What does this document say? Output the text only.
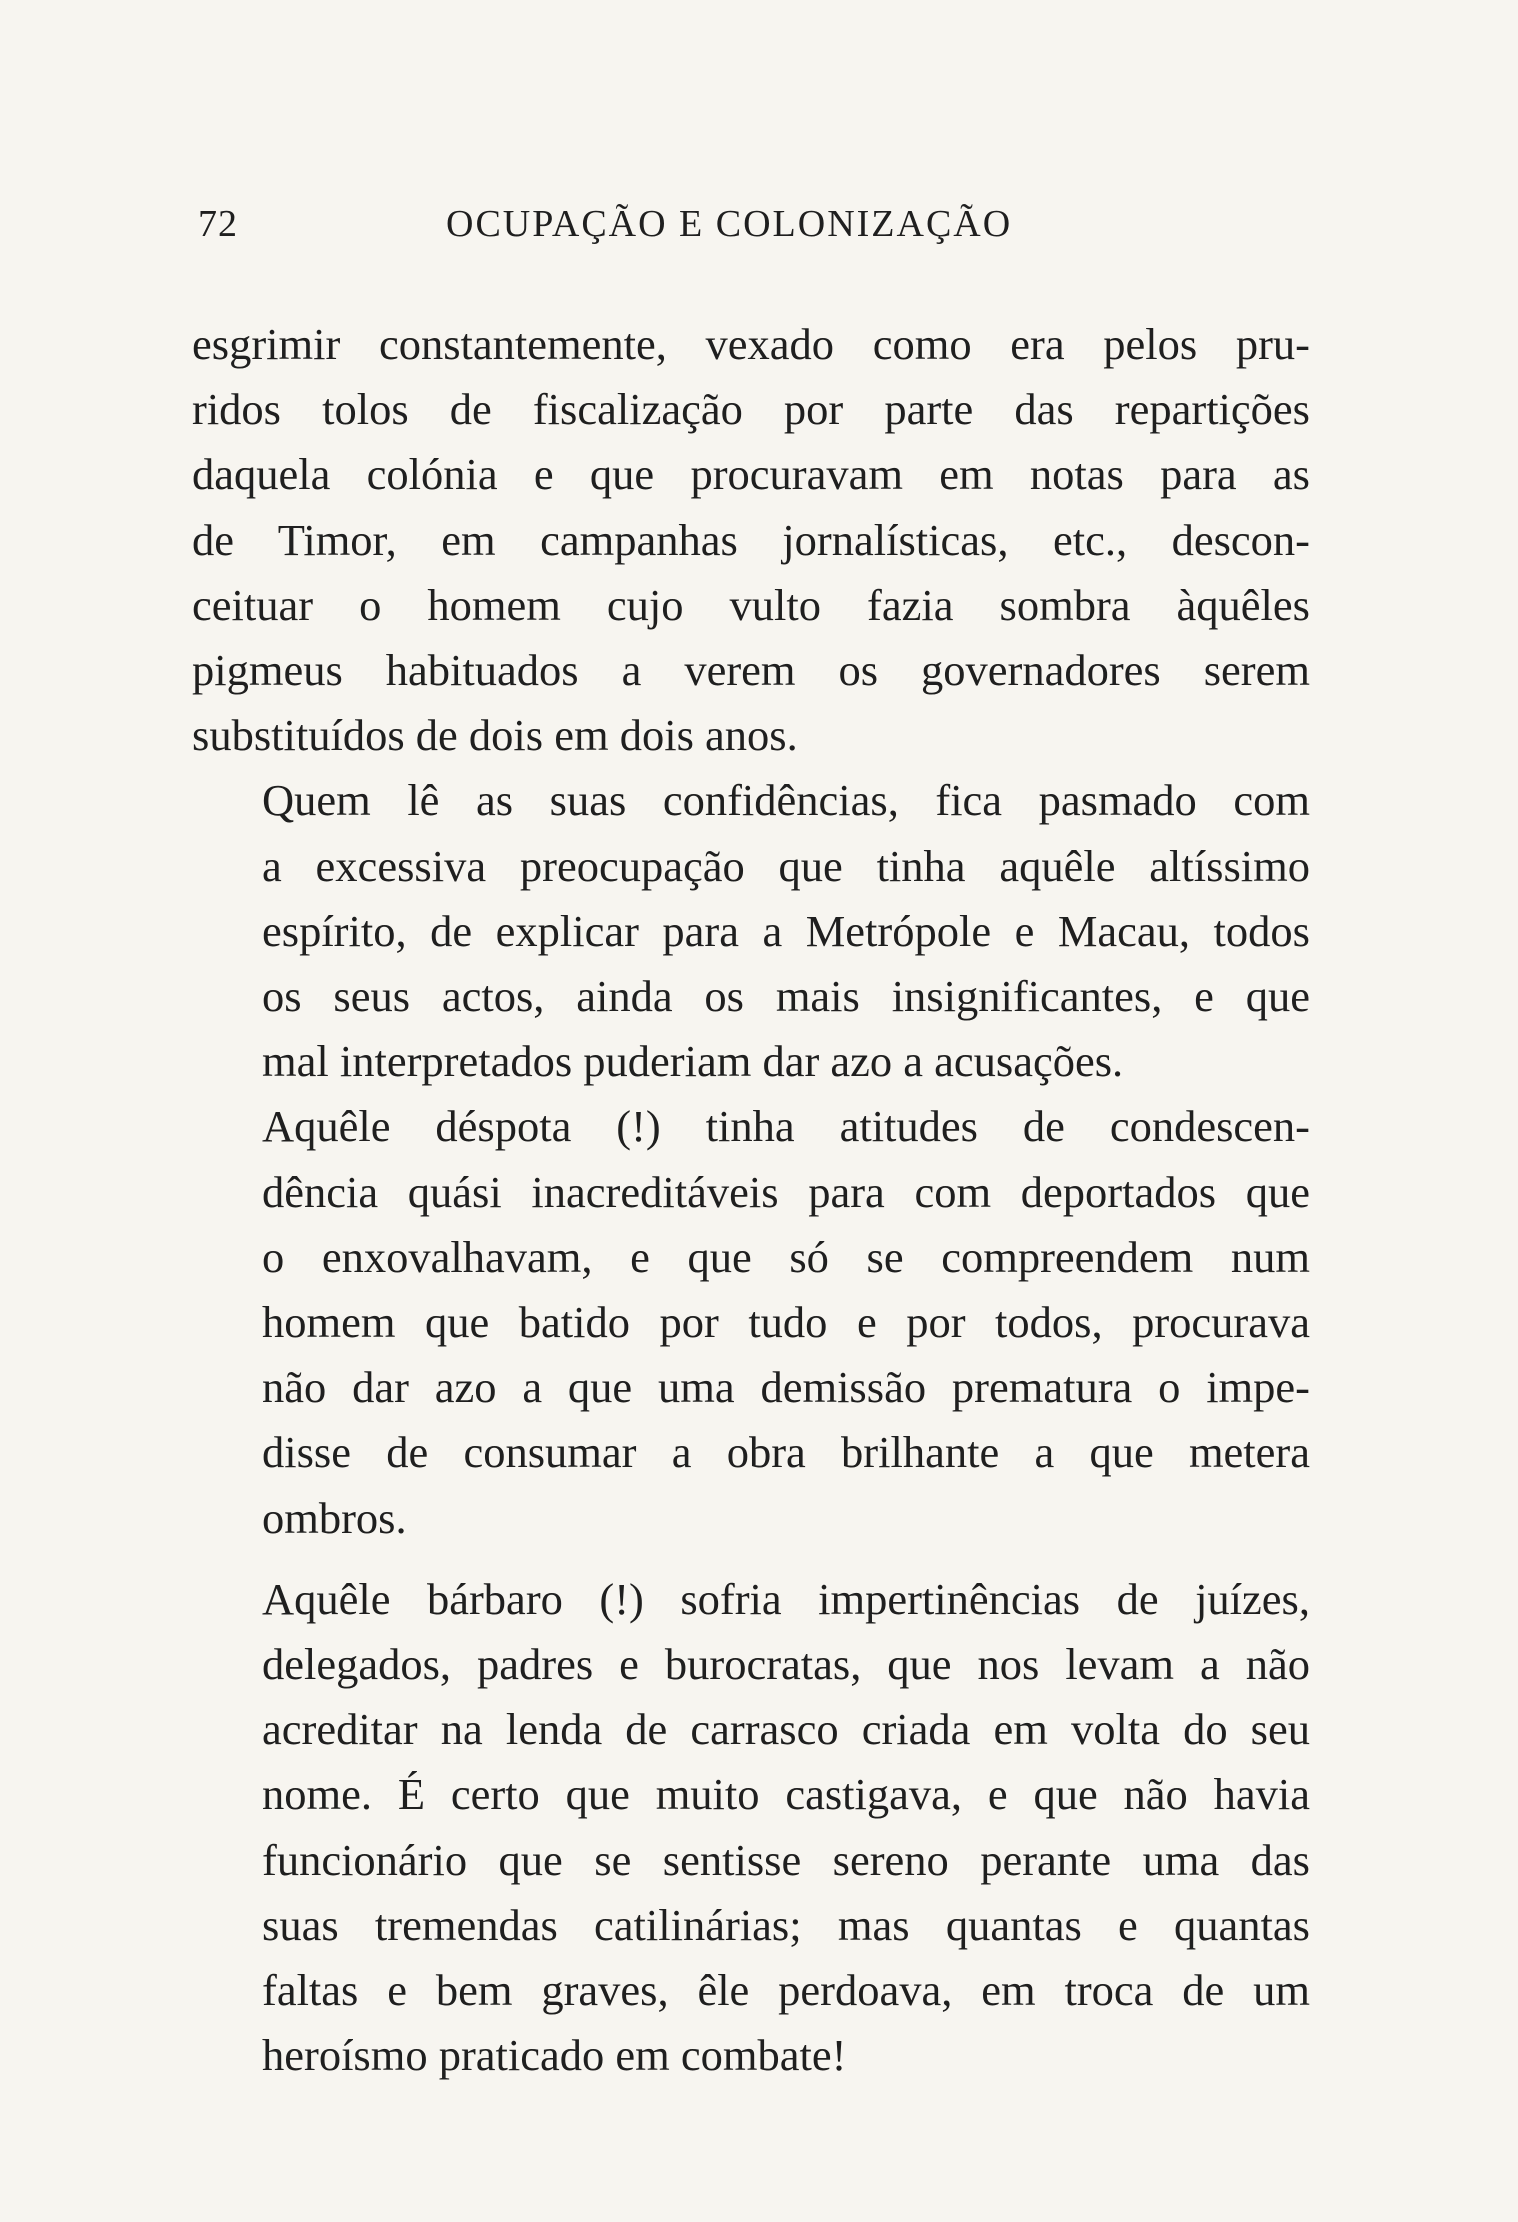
72	OCUPAÇÃO E COLONIZAÇÃO

esgrimir constantemente, vexado como era pelos pru-
ridos tolos de fiscalização por parte das repartições
daquela colónia e que procuravam em notas para as
de Timor, em campanhas jornalísticas, etc., descon-
ceituar o homem cujo vulto fazia sombra àquêles
pigmeus habituados a verem os governadores serem
substituídos de dois em dois anos.

Quem lê as suas confidências, fica pasmado com
a excessiva preocupação que tinha aquêle altíssimo
espírito, de explicar para a Metrópole e Macau, todos
os seus actos, ainda os mais insignificantes, e que
mal interpretados puderiam dar azo a acusações.

Aquêle déspota (!) tinha atitudes de condescen-
dência quási inacreditáveis para com deportados que
o enxovalhavam, e que só se compreendem num
homem que batido por tudo e por todos, procurava
não dar azo a que uma demissão prematura o impe-
disse de consumar a obra brilhante a que metera
ombros.

Aquêle bárbaro (!) sofria impertinências de juízes,
delegados, padres e burocratas, que nos levam a não
acreditar na lenda de carrasco criada em volta do seu
nome. É certo que muito castigava, e que não havia
funcionário que se sentisse sereno perante uma das
suas tremendas catilinárias; mas quantas e quantas
faltas e bem graves, êle perdoava, em troca de um
heroísmo praticado em combate!
